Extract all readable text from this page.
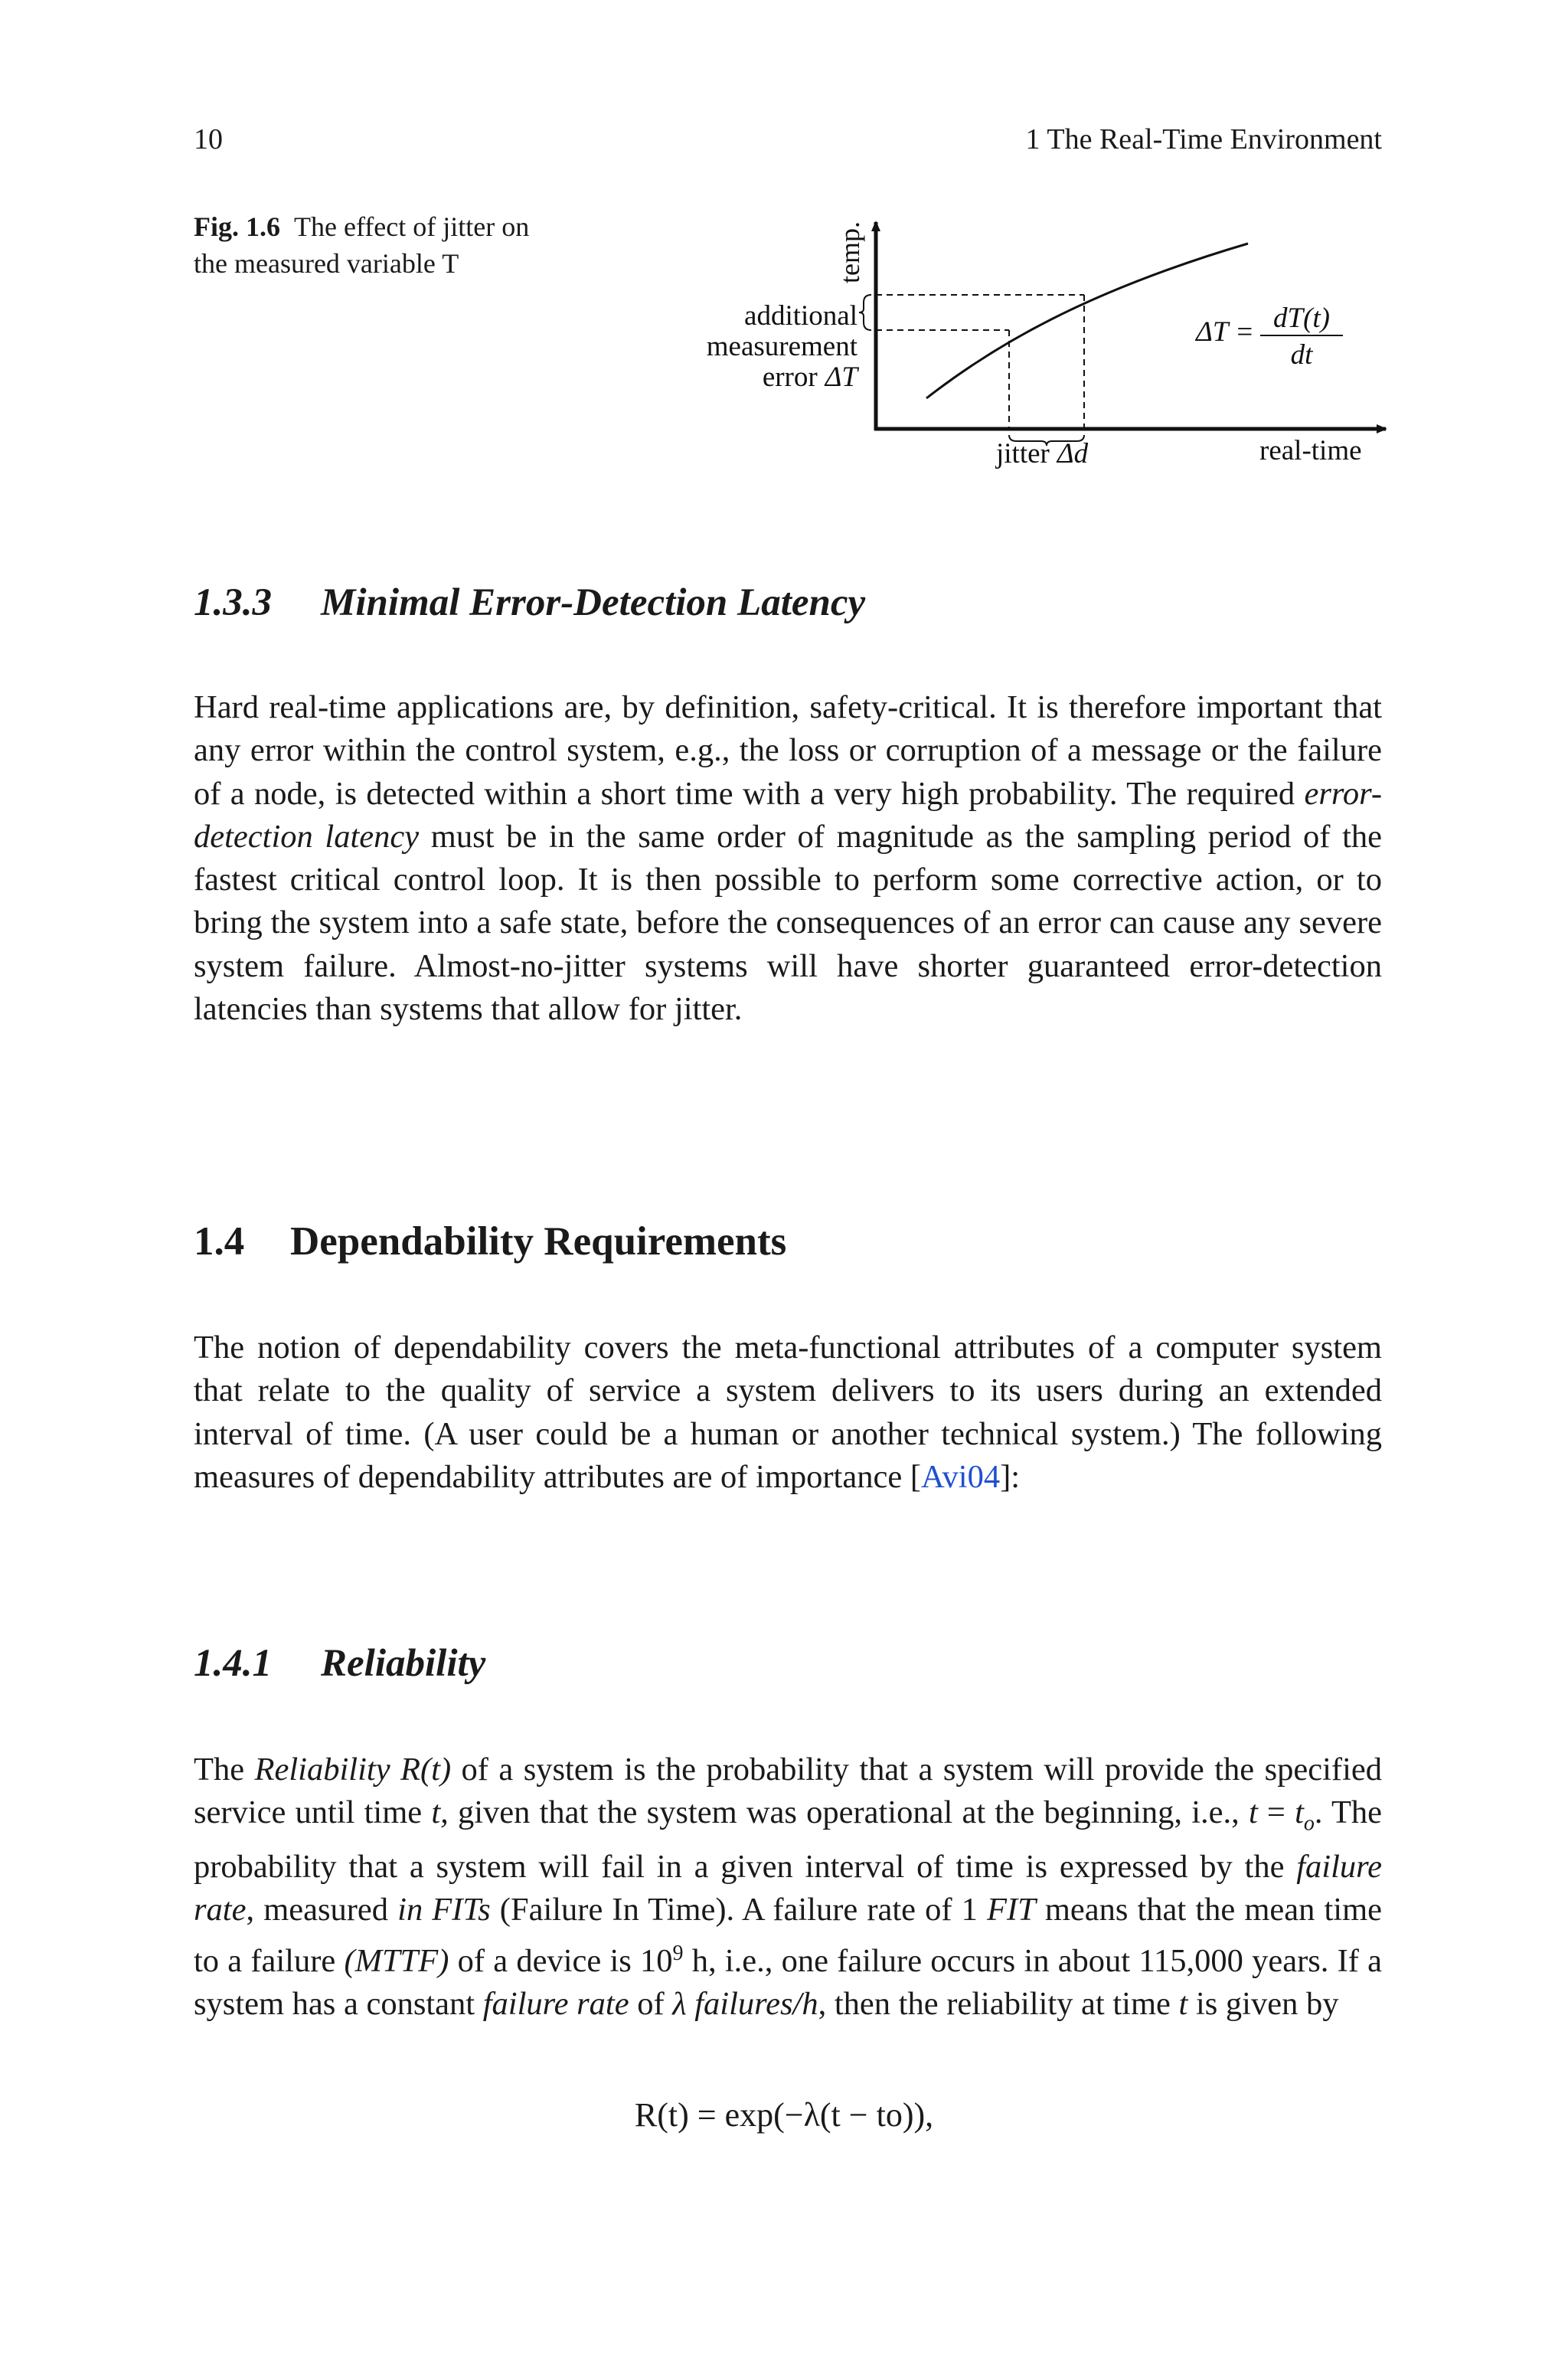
10	1 The Real-Time Environment
Fig. 1.6 The effect of jitter on the measured variable T	temp.
additional
measurement
error ΔT
jitter Δd	real-time
ΔT = dT(t)
dt
1.3.3 Minimal Error-Detection Latency

Hard real-time applications are, by definition, safety-critical. It is therefore important that any error within the control system, e.g., the loss or corruption of a message or the failure of a node, is detected within a short time with a very high probability. The required error-detection latency must be in the same order of magnitude as the sampling period of the fastest critical control loop. It is then possible to perform some corrective action, or to bring the system into a safe state, before the consequences of an error can cause any severe system failure. Almost-no-jitter systems will have shorter guaranteed error-detection latencies than systems that allow for jitter.

1.4 Dependability Requirements

The notion of dependability covers the meta-functional attributes of a computer system that relate to the quality of service a system delivers to its users during an extended interval of time. (A user could be a human or another technical system.) The following measures of dependability attributes are of importance [Avi04]:

1.4.1 Reliability

The Reliability R(t) of a system is the probability that a system will provide the specified service until time t, given that the system was operational at the beginning, i.e., $t = t_o$. The probability that a system will fail in a given interval of time is expressed by the failure rate, measured in FITs (Failure In Time). A failure rate of 1 FIT means that the mean time to a failure (MTTF) of a device is $10^9$ h, i.e., one failure occurs in about 115,000 years. If a system has a constant failure rate of λ failures/h, then the reliability at time t is given by

R(t) = exp(−λ(t − to)),
